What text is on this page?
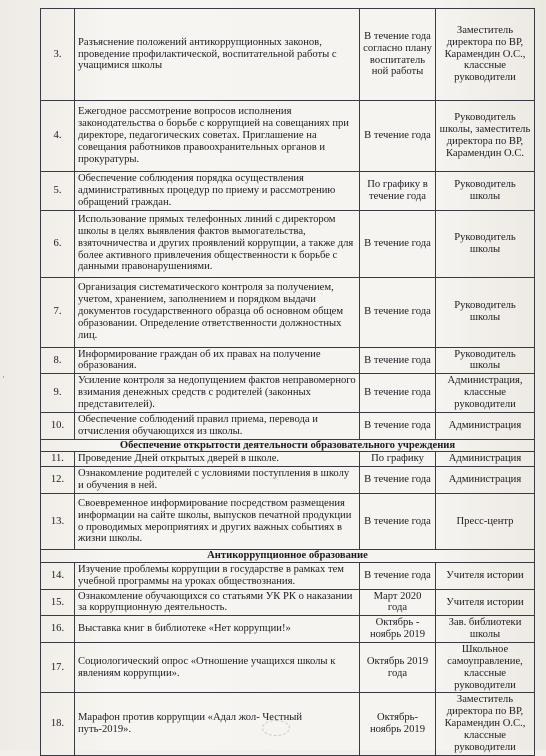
3.	Разъяснение положений антикоррупционных законов, проведение профилактической, воспитательной работы с учащимися школы	В течение года согласно плану воспитатель ной работы	Заместитель директора по ВР, Карамендин О.С., классные руководители
4.	Ежегодное рассмотрение вопросов исполнения законодательства о борьбе с коррупцией на совещаниях при директоре, педагогических советах. Приглашение на совещания работников правоохранительных органов и прокуратуры.	В течение года	Руководитель школы, заместитель директора по ВР, Карамендин О.С.
5.	Обеспечение соблюдения порядка осуществления административных процедур по приему и рассмотрению обращений граждан.	По графику в течение года	Руководитель школы
6.	Использование прямых телефонных линий с директором школы в целях выявления фактов вымогательства, взяточничества и других проявлений коррупции, а также для более активного привлечения общественности к борьбе с данными правонарушениями.	В течение года	Руководитель школы
7.	Организация систематического контроля за получением, учетом, хранением, заполнением и порядком выдачи документов государственного образца об основном общем образовании. Определение ответственности должностных лиц.	В течение года	Руководитель школы
8.	Информирование граждан об их правах на получение образования.	В течение года	Руководитель школы
9.	Усиление контроля за недопущением фактов неправомерного взимания денежных средств с родителей (законных представителей).	В течение года	Администрация, классные руководители
10.	Обеспечение соблюдений правил приема, перевода и отчисления обучающихся из школы.	В течение года	Администрация
Обеспечение открытости деятельности образовательного учреждения			
11.	Проведение Дней открытых дверей в школе.	По графику	Администрация
12.	Ознакомление родителей с условиями поступления в школу и обучения в ней.	В течение года	Администрация
13.	Своевременное информирование посредством размещения информации на сайте школы, выпусков печатной продукции о проводимых мероприятиях и других важных событиях в жизни школы.	В течение года	Пресс-центр
Антикоррупционное образование			
14.	Изучение проблемы коррупции в государстве в рамках тем учебной программы на уроках обществознания.	В течение года	Учителя истории
15.	Ознакомление обучающихся со статьями УК РК о наказании за коррупционную деятельность.	Март 2020 года	Учителя истории
16.	Выставка книг в библиотеке «Нет коррупции!»	Октябрь - ноябрь 2019	Зав. библиотеки школы
17.	Социологический опрос «Отношение учащихся школы к явлениям коррупции».	Октябрь 2019 года	Школьное самоуправление, классные руководители
18.	Марафон против коррупции «Адал жол- Честный путь-2019».	Октябрь-ноябрь 2019	Заместитель директора по ВР, Карамендин О.С., классные руководители
·
